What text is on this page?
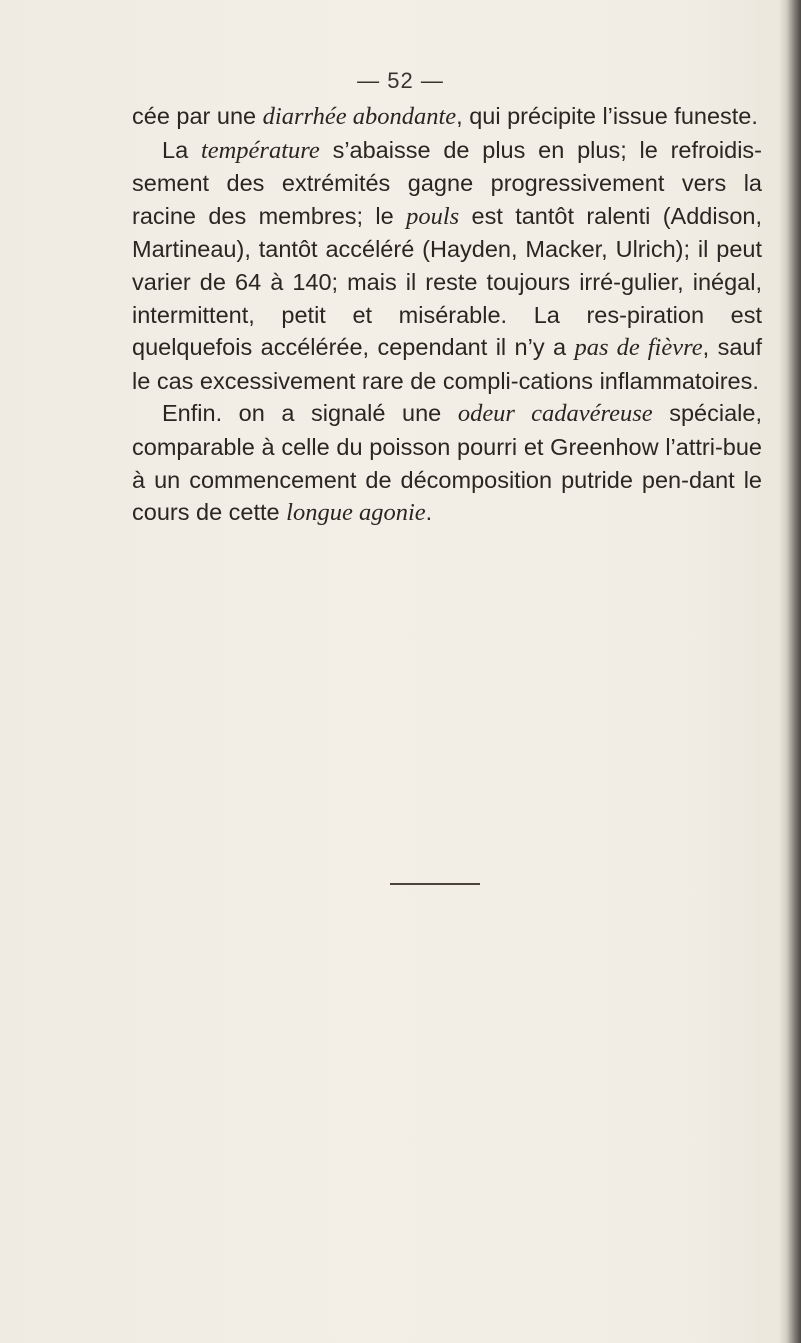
— 52 —

cée par une diarrhée abondante, qui précipite l’issue funeste.

La température s’abaisse de plus en plus; le refroidis-sement des extrémités gagne progressivement vers la racine des membres; le pouls est tantôt ralenti (Addison, Martineau), tantôt accéléré (Hayden, Macker, Ulrich); il peut varier de 64 à 140; mais il reste toujours irré-gulier, inégal, intermittent, petit et misérable. La res-piration est quelquefois accélérée, cependant il n’y a pas de fièvre, sauf le cas excessivement rare de compli-cations inflammatoires.

Enfin. on a signalé une odeur cadavéreuse spéciale, comparable à celle du poisson pourri et Greenhow l’attri-bue à un commencement de décomposition putride pen-dant le cours de cette longue agonie.
